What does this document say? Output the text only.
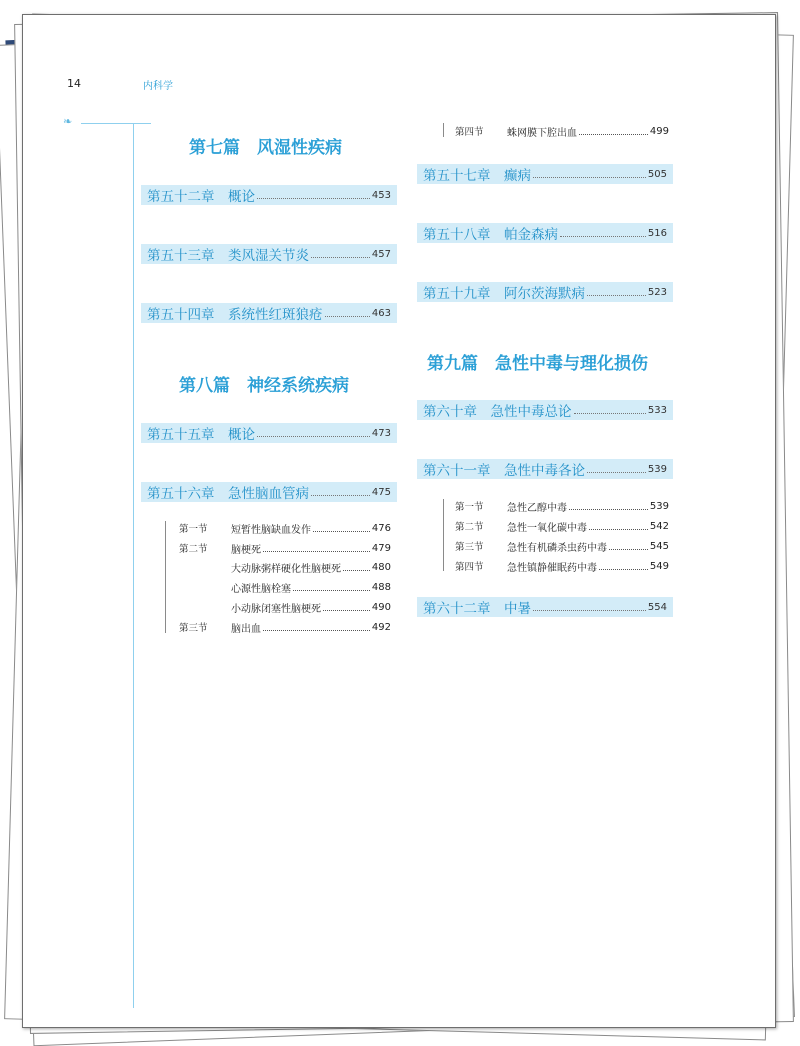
14	内科学
❧
第七篇　风湿性疾病
第五十二章　概论	453
第五十三章　类风湿关节炎	457
第五十四章　系统性红斑狼疮	463
第八篇　神经系统疾病
第五十五章　概论	473
第五十六章　急性脑血管病	475
第一节	短暂性脑缺血发作	476
第二节	脑梗死	479
大动脉粥样硬化性脑梗死	480
心源性脑栓塞	488
小动脉闭塞性脑梗死	490
第三节	脑出血	492
第四节	蛛网膜下腔出血	499
第五十七章　癫病	505
第五十八章　帕金森病	516
第五十九章　阿尔茨海默病	523
第九篇　急性中毒与理化损伤
第六十章　急性中毒总论	533
第六十一章　急性中毒各论	539
第一节	急性乙醇中毒	539
第二节	急性一氧化碳中毒	542
第三节	急性有机磷杀虫药中毒	545
第四节	急性镇静催眠药中毒	549
第六十二章　中暑	554
